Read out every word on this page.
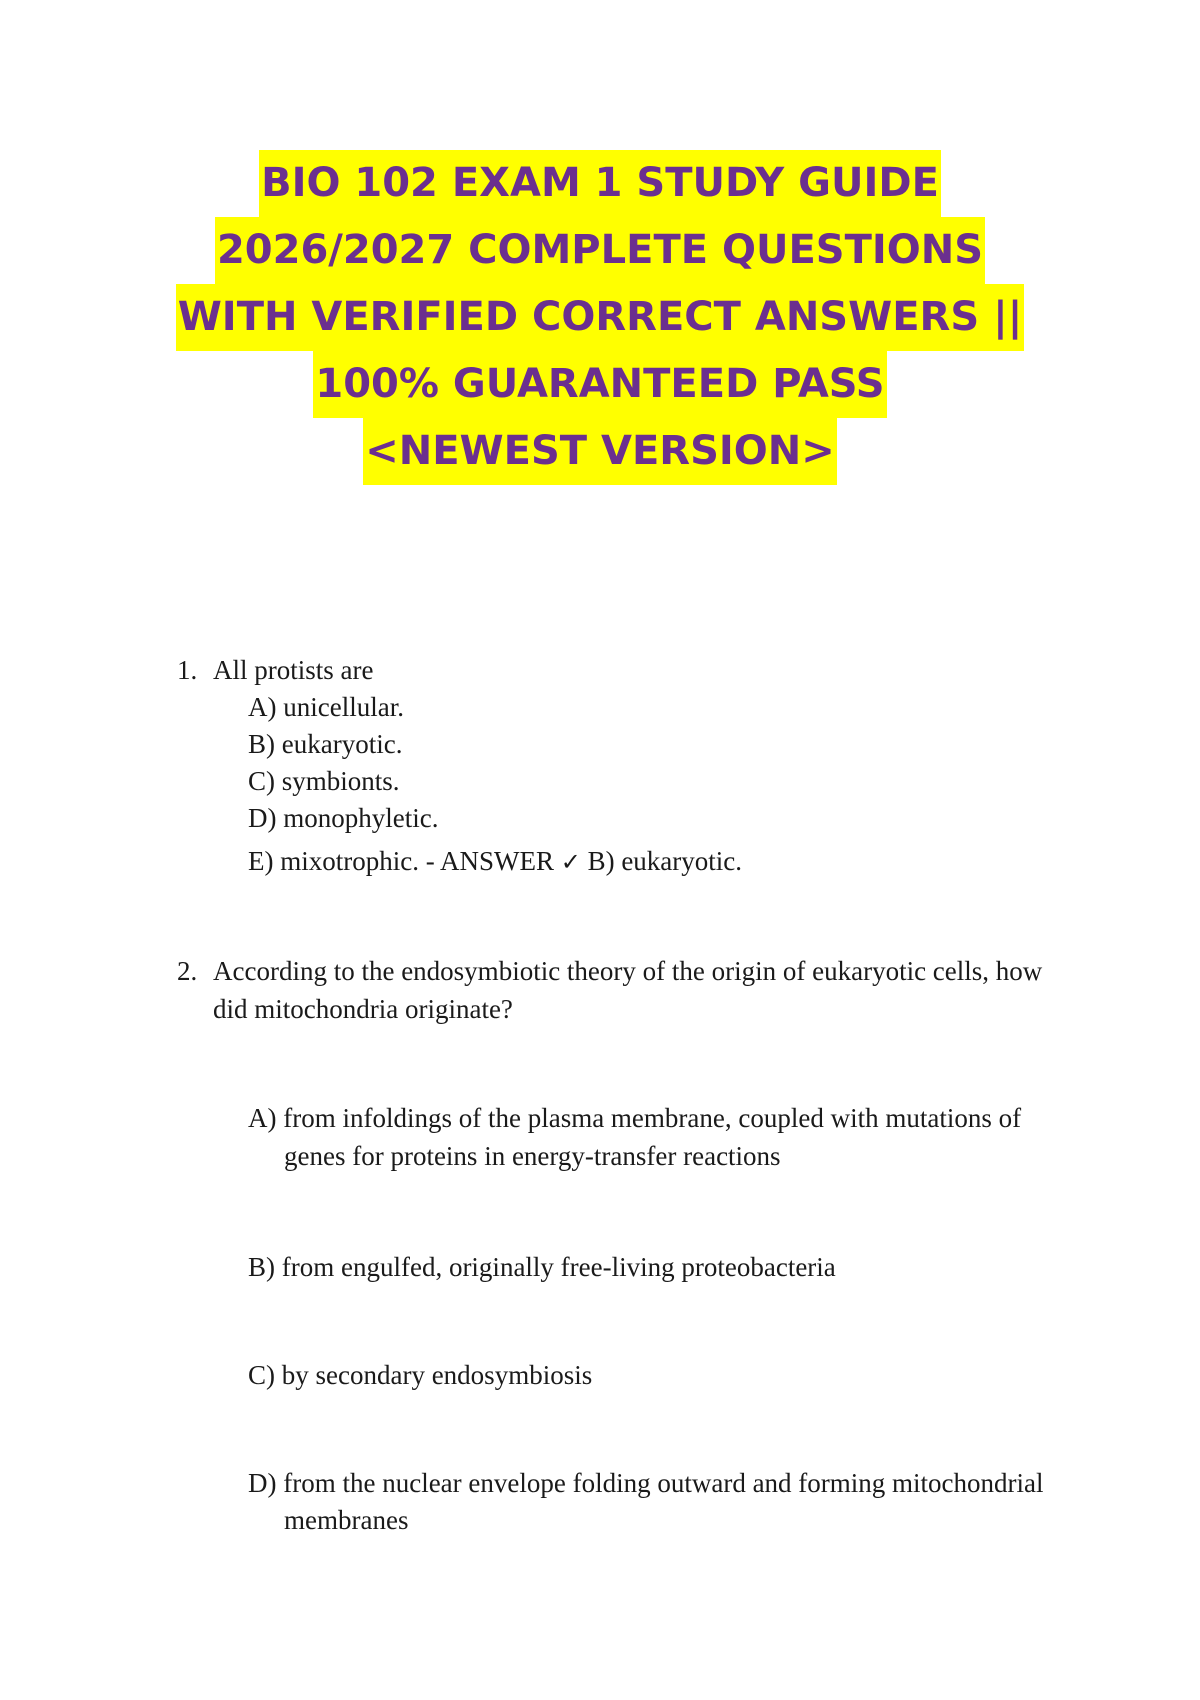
BIO 102 EXAM 1 STUDY GUIDE
2026/2027 COMPLETE QUESTIONS
WITH VERIFIED CORRECT ANSWERS ||
100% GUARANTEED PASS
<NEWEST VERSION>
1. All protists are
A) unicellular.
B) eukaryotic.
C) symbionts.
D) monophyletic.
E) mixotrophic. - ANSWER ✓ B) eukaryotic.
2. According to the endosymbiotic theory of the origin of eukaryotic cells, how
did mitochondria originate?
A) from infoldings of the plasma membrane, coupled with mutations of
genes for proteins in energy-transfer reactions
B) from engulfed, originally free-living proteobacteria
C) by secondary endosymbiosis
D) from the nuclear envelope folding outward and forming mitochondrial
membranes
